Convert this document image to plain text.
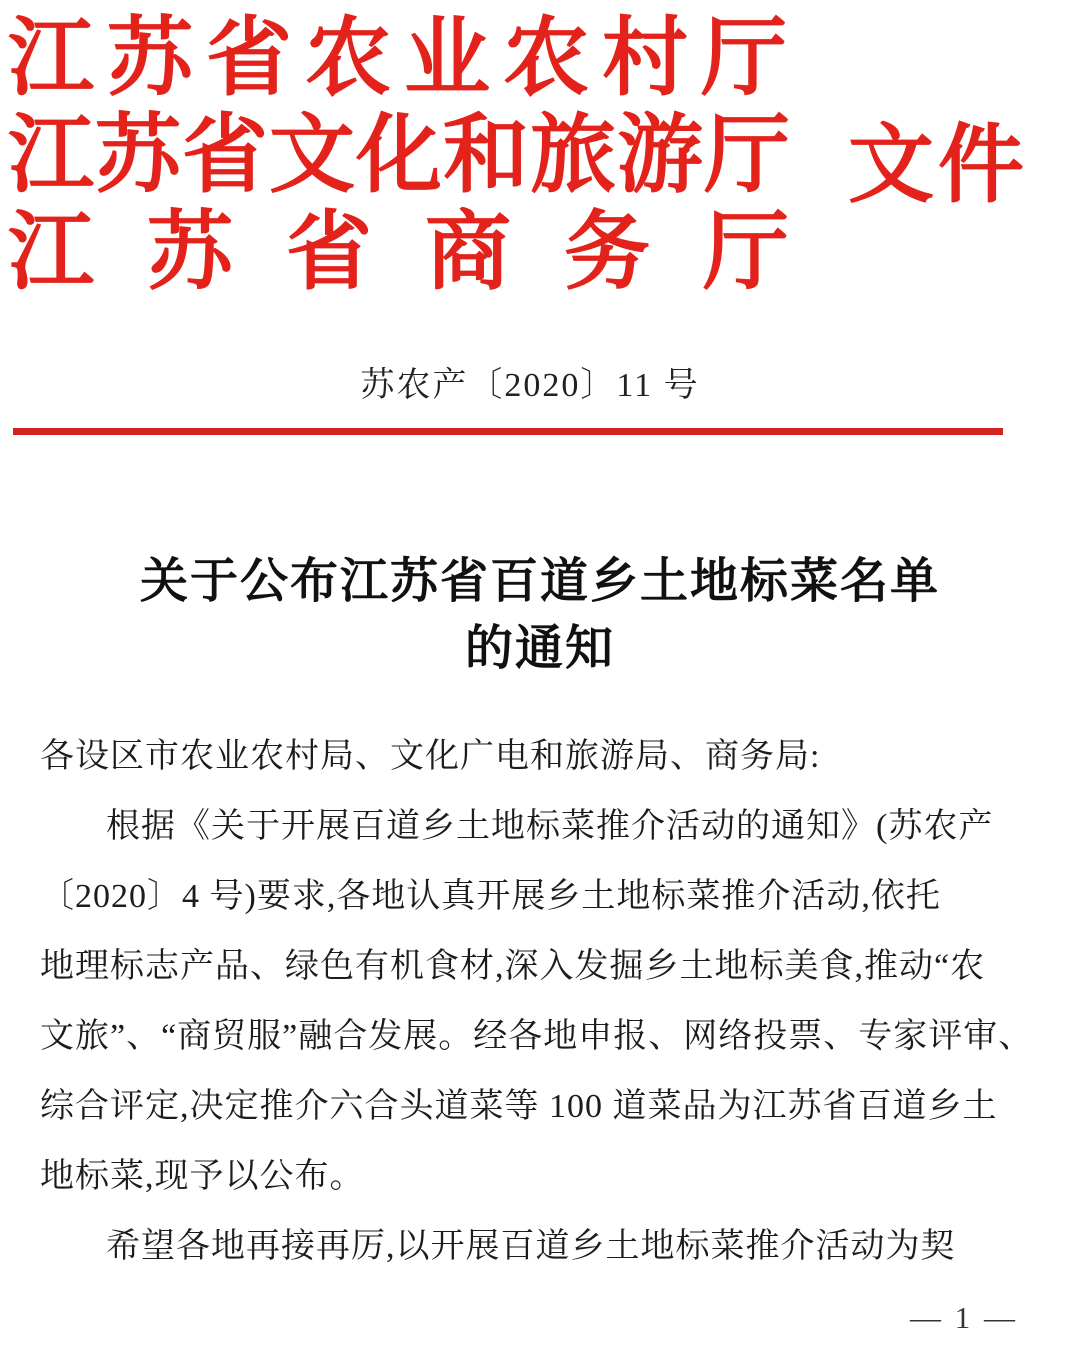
江苏省农业农村厅
江苏省文化和旅游厅
江苏省商务厅
文件
苏农产〔2020〕11 号
关于公布江苏省百道乡土地标菜名单
的通知
各设区市农业农村局、文化广电和旅游局、商务局:
根据《关于开展百道乡土地标菜推介活动的通知》(苏农产
〔2020〕4 号)要求,各地认真开展乡土地标菜推介活动,依托
地理标志产品、绿色有机食材,深入发掘乡土地标美食,推动“农
文旅”、“商贸服”融合发展。经各地申报、网络投票、专家评审、
综合评定,决定推介六合头道菜等 100 道菜品为江苏省百道乡土
地标菜,现予以公布。
希望各地再接再厉,以开展百道乡土地标菜推介活动为契
— 1 —
